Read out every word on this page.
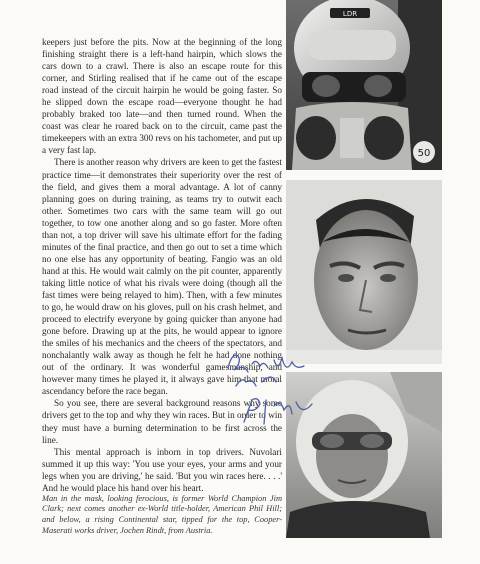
keepers just before the pits. Now at the beginning of the long finishing straight there is a left-hand hairpin, which slows the cars down to a crawl. There is also an escape route for this corner, and Stirling realised that if he came out of the escape road instead of the circuit hairpin he would be going faster. So he slipped down the escape road—everyone thought he had probably braked too late—and then turned round. When the coast was clear he roared back on to the circuit, came past the timekeepers with an extra 300 revs on his tachometer, and put up a very fast lap.

There is another reason why drivers are keen to get the fastest practice time—it demonstrates their superiority over the rest of the field, and gives them a moral advantage. A lot of canny planning goes on during training, as teams try to outwit each other. Sometimes two cars with the same team will go out together, to tow one another along and so go faster. More often than not, a top driver will save his ultimate effort for the fading minutes of the final practice, and then go out to set a time which no one else has any opportunity of beating. Fangio was an old hand at this. He would wait calmly on the pit counter, apparently taking little notice of what his rivals were doing (though all the fast times were being relayed to him). Then, with a few minutes to go, he would draw on his gloves, pull on his crash helmet, and proceed to electrify everyone by going quicker than anyone had gone before. Drawing up at the pits, he would appear to ignore the smiles of his mechanics and the cheers of the spectators, and nonchalantly walk away as though he felt he had done nothing out of the ordinary. It was wonderful gamesmanship, and however many times he played it, it always gave him that moral ascendancy before the race began.

So you see, there are several background reasons why some drivers get to the top and why they win races. But in order to win they must have a burning determination to be first across the line.

This mental approach is inborn in top drivers. Nuvolari summed it up this way: 'You use your eyes, your arms and your legs when you are driving,' he said. 'But you win races here. . . .' And he would place his hand over his heart.

Man in the mask, looking ferocious, is former World Champion Jim Clark; next comes another ex-World title-holder, American Phil Hill; and below, a rising Continental star, tipped for the top, Cooper-Maserati works driver, Jochen Rindt, from Austria.

LDR
50
